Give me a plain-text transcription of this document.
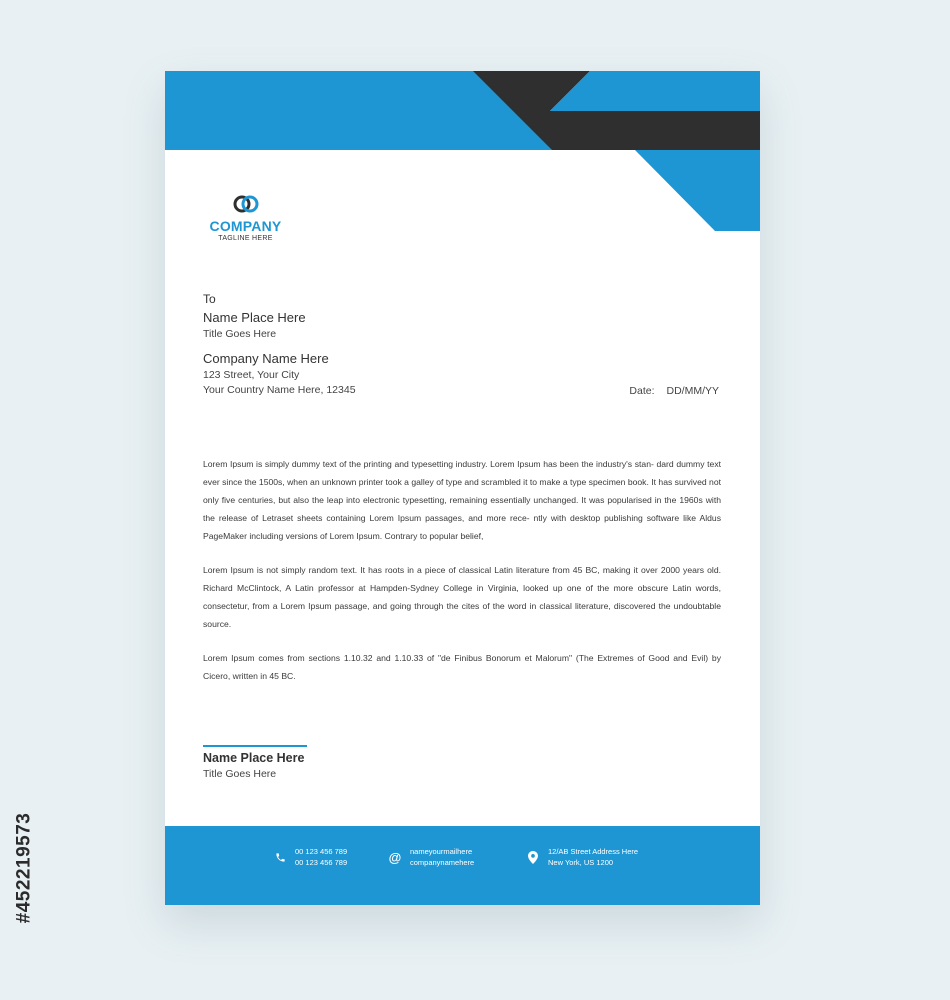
#452219573
COMPANY
TAGLINE HERE
To
Name Place Here
Title Goes Here
Company Name Here
123 Street, Your City
Your Country Name Here, 12345	Date: DD/MM/YY

Lorem Ipsum is simply dummy text of the printing and typesetting industry. Lorem Ipsum has been the industry's stan- dard dummy text ever since the 1500s, when an unknown printer took a galley of type and scrambled it to make a type specimen book. It has survived not only five centuries, but also the leap into electronic typesetting, remaining essentially unchanged. It was popularised in the 1960s with the release of Letraset sheets containing Lorem Ipsum passages, and more rece- ntly with desktop publishing software like Aldus PageMaker including versions of Lorem Ipsum. Contrary to popular belief,

Lorem Ipsum is not simply random text. It has roots in a piece of classical Latin literature from 45 BC, making it over 2000 years old. Richard McClintock, A Latin professor at Hampden-Sydney College in Virginia, looked up one of the more obscure Latin words, consectetur, from a Lorem Ipsum passage, and going through the cites of the word in classical literature, discovered the undoubtable source.

Lorem Ipsum comes from sections 1.10.32 and 1.10.33 of "de Finibus Bonorum et Malorum" (The Extremes of Good and Evil) by Cicero, written in 45 BC.

Name Place Here
Title Goes Here
00 123 456 789
00 123 456 789	@ nameyourmailhere
companynamehere
12/AB Street Address Here
New York, US 1200
